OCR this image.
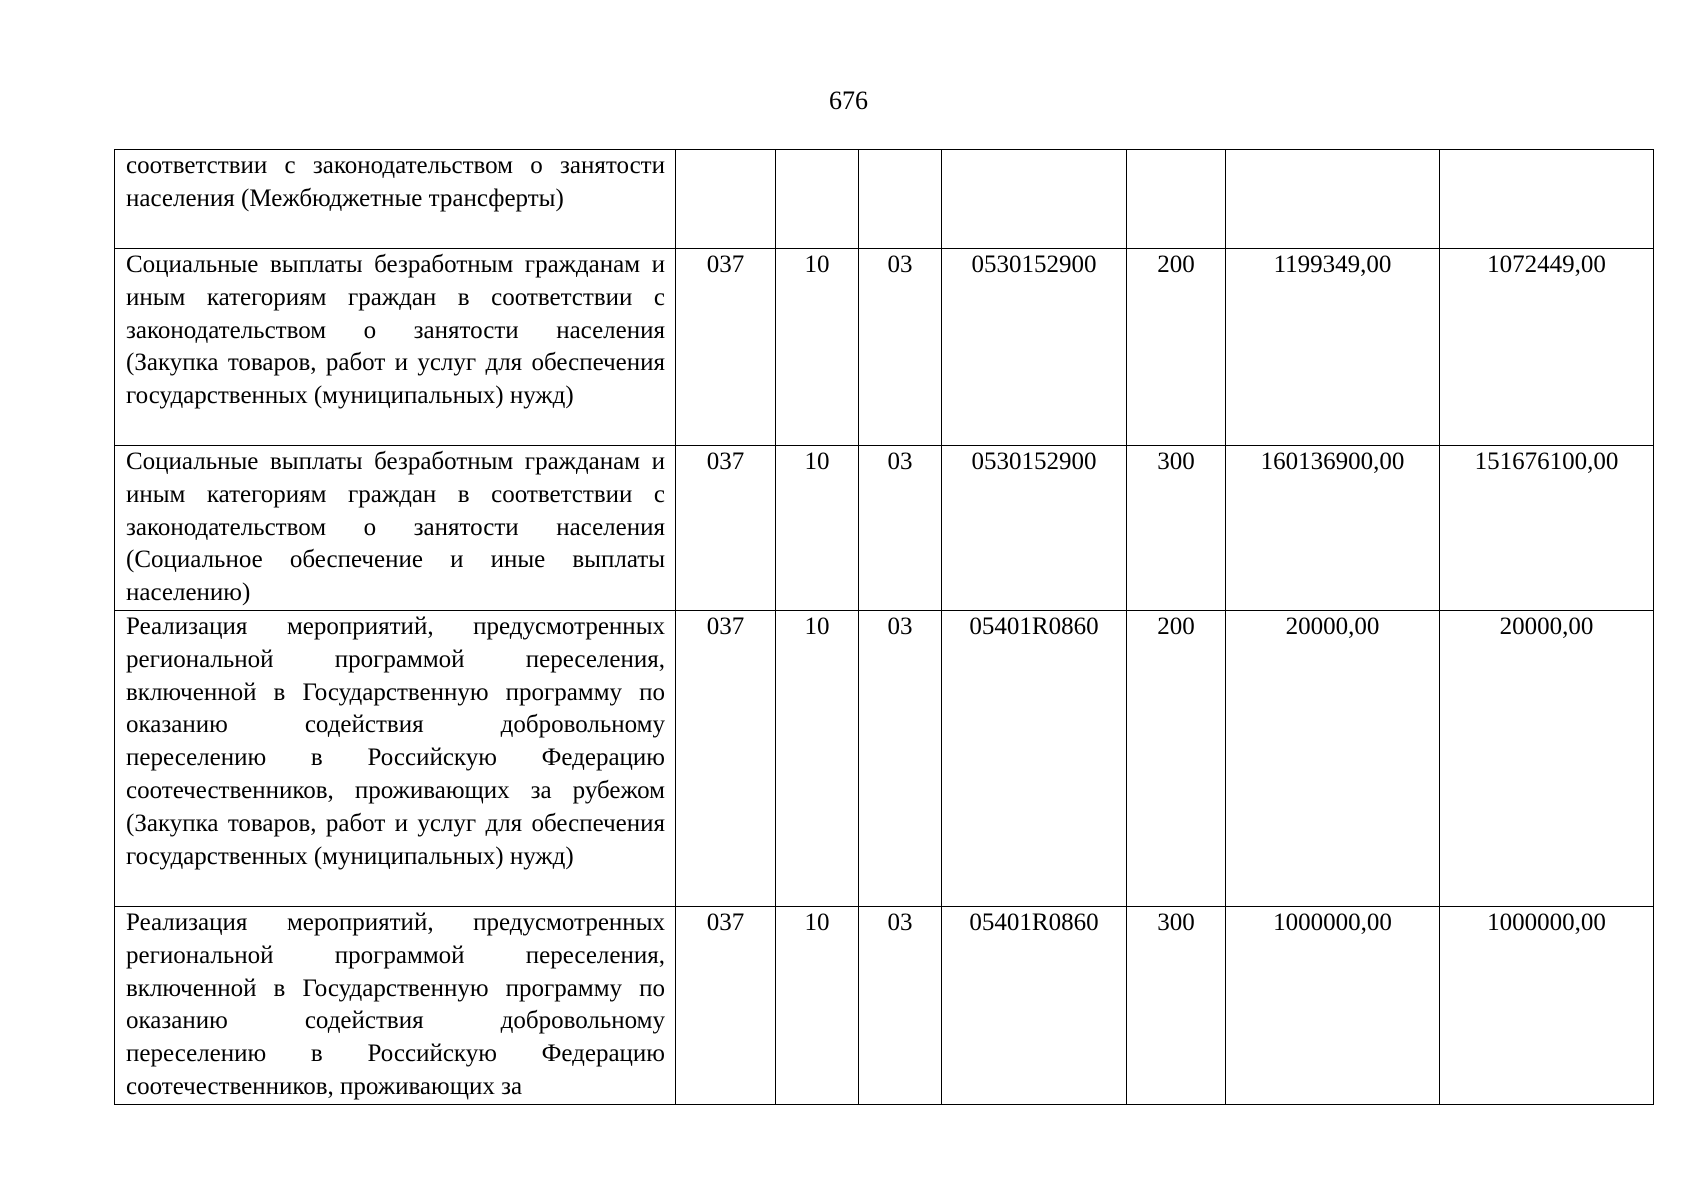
676
соответствии с законодательством о занятости населения (Межбюджетные трансферты)							
Социальные выплаты безработным гражданам и иным категориям граждан в соответствии с законодательством о занятости населения (Закупка товаров, работ и услуг для обеспечения государственных (муниципальных) нужд)	037	10	03	0530152900	200	1199349,00	1072449,00
Социальные выплаты безработным гражданам и иным категориям граждан в соответствии с законодательством о занятости населения (Социальное обеспечение и иные выплаты населению)	037	10	03	0530152900	300	160136900,00	151676100,00
Реализация мероприятий, предусмотренных региональной программой переселения, включенной в Государственную программу по оказанию содействия добровольному переселению в Российскую Федерацию соотечественников, проживающих за рубежом (Закупка товаров, работ и услуг для обеспечения государственных (муниципальных) нужд)	037	10	03	05401R0860	200	20000,00	20000,00
Реализация мероприятий, предусмотренных региональной программой переселения, включенной в Государственную программу по оказанию содействия добровольному переселению в Российскую Федерацию соотечественников, проживающих за	037	10	03	05401R0860	300	1000000,00	1000000,00
